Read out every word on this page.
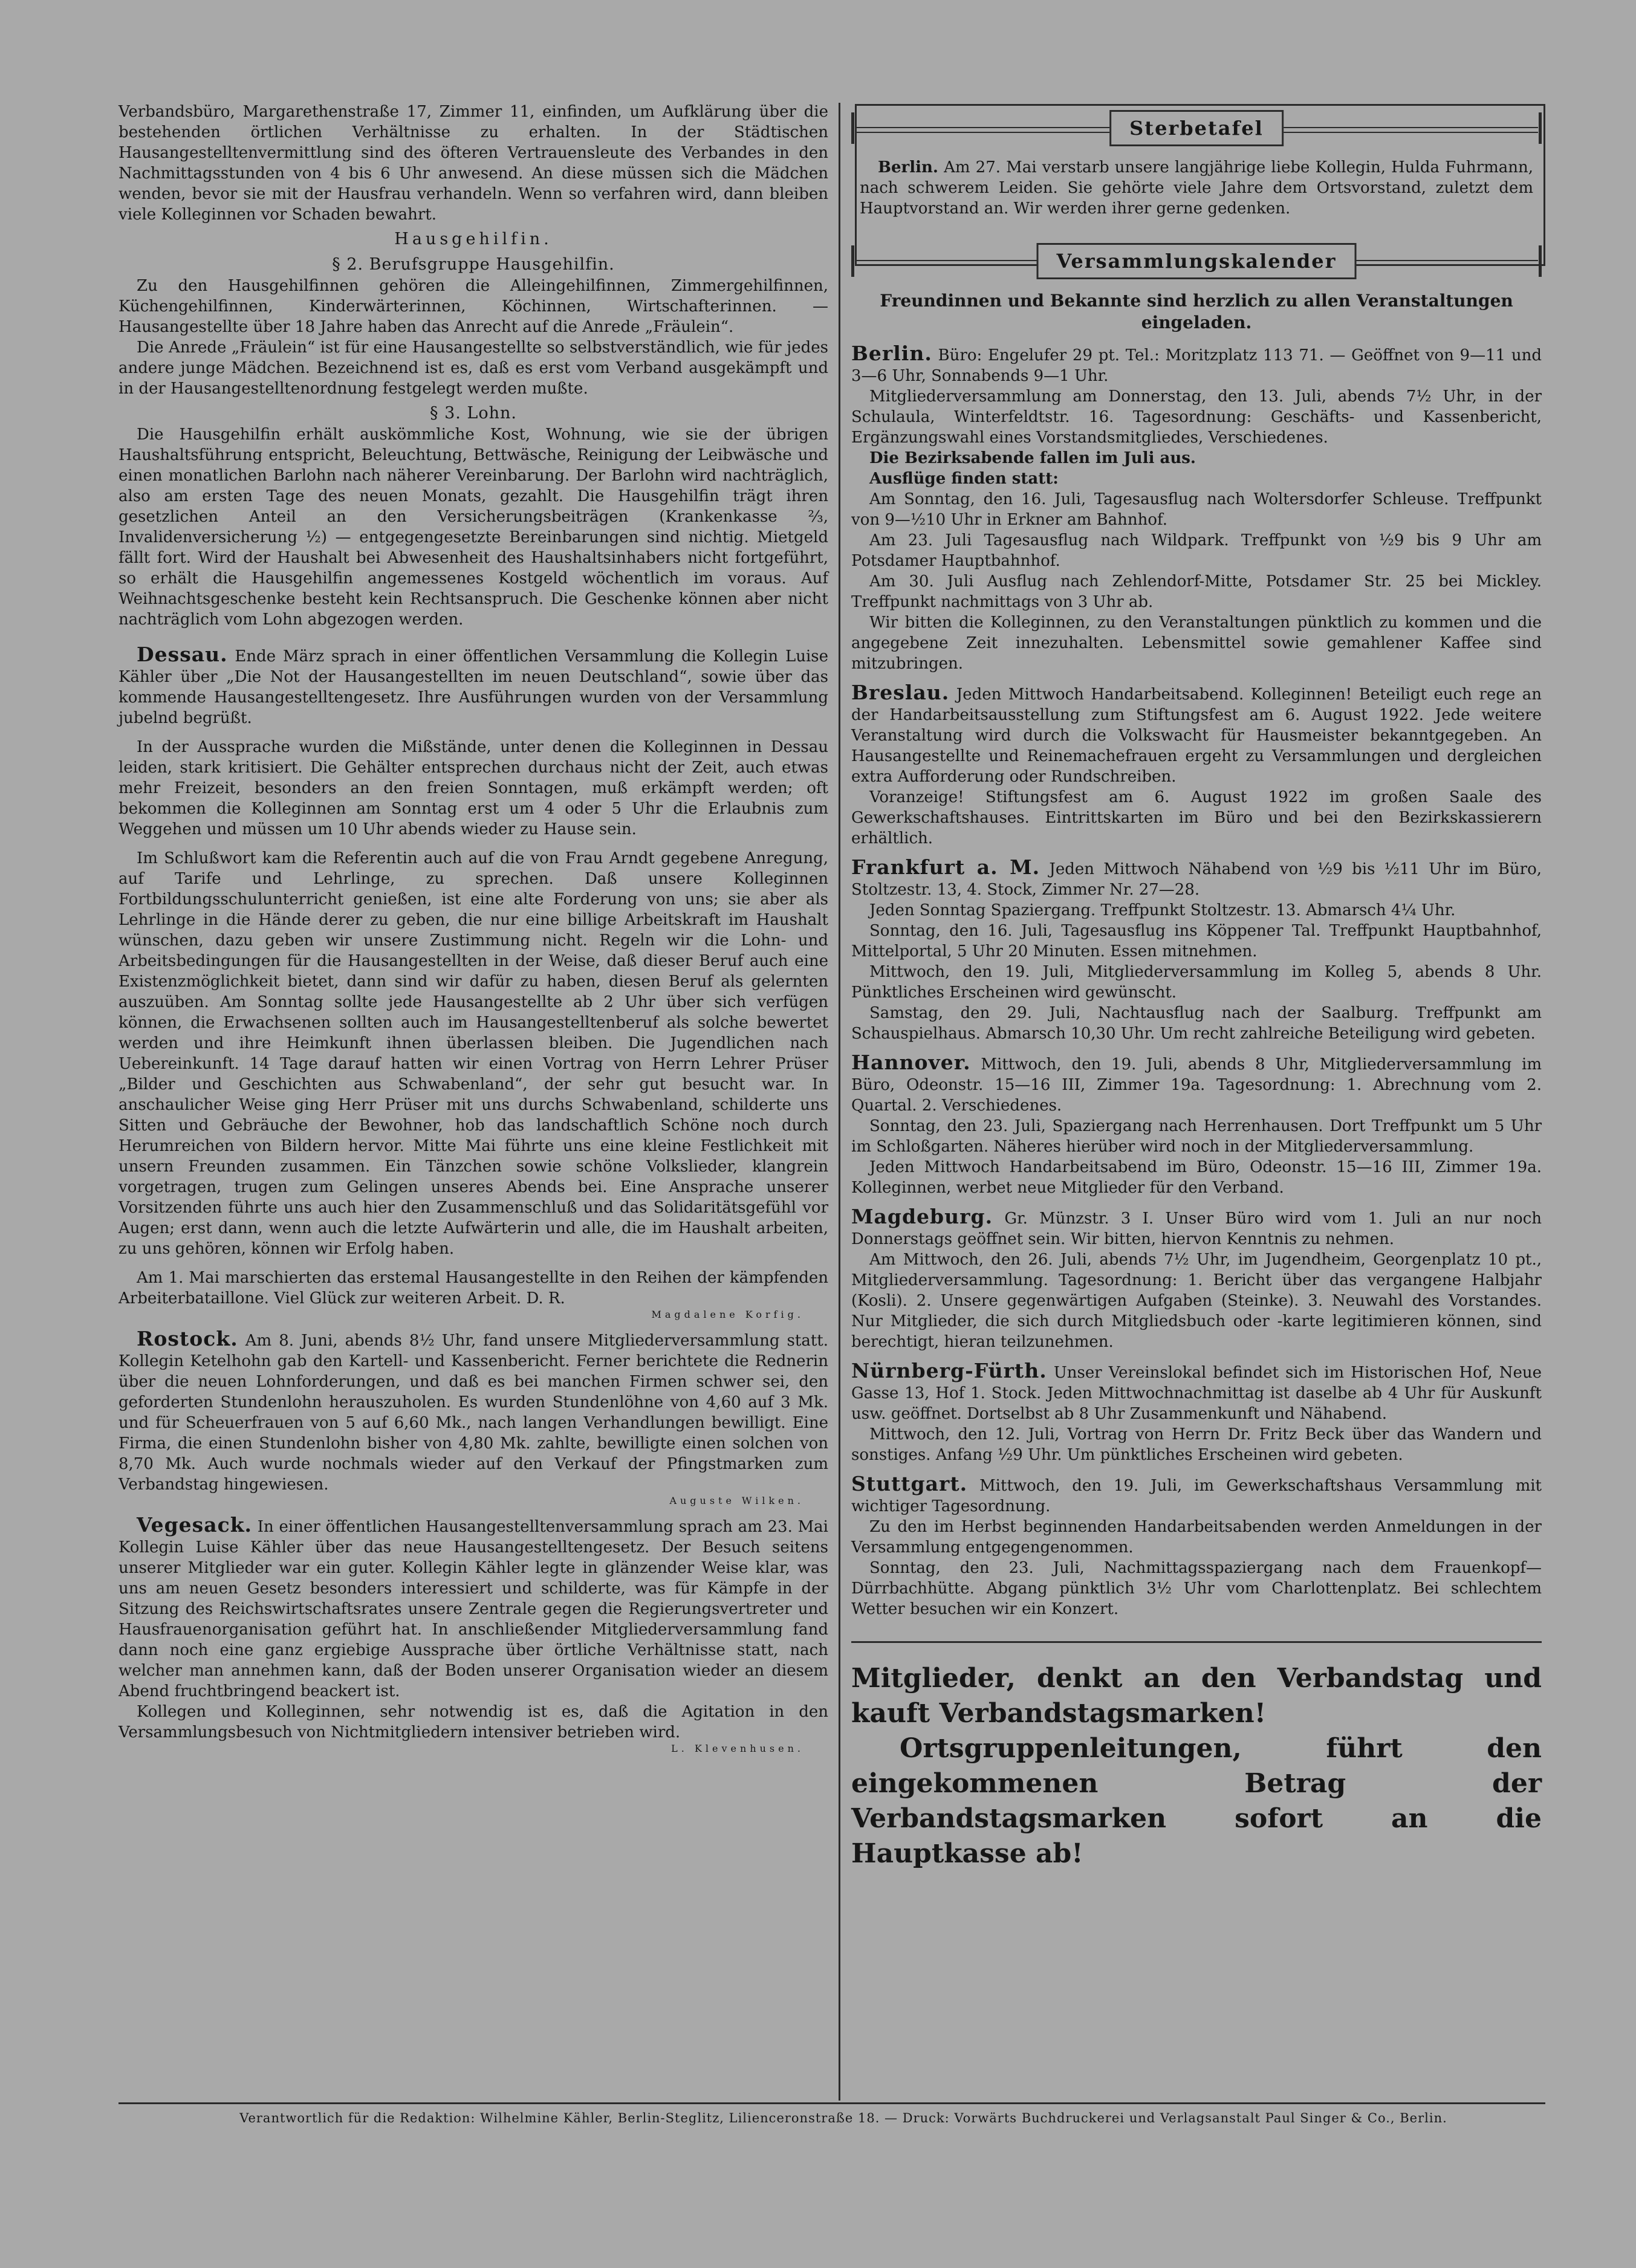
Verbandsbüro, Margarethenstraße 17, Zimmer 11, einfinden, um Aufklärung über die bestehenden örtlichen Verhältnisse zu erhalten. In der Städtischen Hausangestelltenvermittlung sind des öfteren Vertrauensleute des Verbandes in den Nachmittagsstunden von 4 bis 6 Uhr anwesend. An diese müssen sich die Mädchen wenden, bevor sie mit der Hausfrau verhandeln. Wenn so verfahren wird, dann bleiben viele Kolleginnen vor Schaden bewahrt.

Hausgehilfin.
§ 2. Berufsgruppe Hausgehilfin.

Zu den Hausgehilfinnen gehören die Alleingehilfinnen, Zimmergehilfinnen, Küchengehilfinnen, Kinderwärterinnen, Köchinnen, Wirtschafterinnen. — Hausangestellte über 18 Jahre haben das Anrecht auf die Anrede „Fräulein“.

Die Anrede „Fräulein“ ist für eine Hausangestellte so selbstverständlich, wie für jedes andere junge Mädchen. Bezeichnend ist es, daß es erst vom Verband ausgekämpft und in der Hausangestelltenordnung festgelegt werden mußte.

§ 3. Lohn.

Die Hausgehilfin erhält auskömmliche Kost, Wohnung, wie sie der übrigen Haushaltsführung entspricht, Beleuchtung, Bettwäsche, Reinigung der Leibwäsche und einen monatlichen Barlohn nach näherer Vereinbarung. Der Barlohn wird nachträglich, also am ersten Tage des neuen Monats, gezahlt. Die Hausgehilfin trägt ihren gesetzlichen Anteil an den Versicherungsbeiträgen (Krankenkasse ⅔, Invalidenversicherung ½) — entgegengesetzte Bereinbarungen sind nichtig. Mietgeld fällt fort. Wird der Haushalt bei Abwesenheit des Haushaltsinhabers nicht fortgeführt, so erhält die Hausgehilfin angemessenes Kostgeld wöchentlich im voraus. Auf Weihnachtsgeschenke besteht kein Rechtsanspruch. Die Geschenke können aber nicht nachträglich vom Lohn abgezogen werden.

Dessau. Ende März sprach in einer öffentlichen Versammlung die Kollegin Luise Kähler über „Die Not der Hausangestellten im neuen Deutschland“, sowie über das kommende Hausangestelltengesetz. Ihre Ausführungen wurden von der Versammlung jubelnd begrüßt.

In der Aussprache wurden die Mißstände, unter denen die Kolleginnen in Dessau leiden, stark kritisiert. Die Gehälter entsprechen durchaus nicht der Zeit, auch etwas mehr Freizeit, besonders an den freien Sonntagen, muß erkämpft werden; oft bekommen die Kolleginnen am Sonntag erst um 4 oder 5 Uhr die Erlaubnis zum Weggehen und müssen um 10 Uhr abends wieder zu Hause sein.

Im Schlußwort kam die Referentin auch auf die von Frau Arndt gegebene Anregung, auf Tarife und Lehrlinge, zu sprechen. Daß unsere Kolleginnen Fortbildungsschulunterricht genießen, ist eine alte Forderung von uns; sie aber als Lehrlinge in die Hände derer zu geben, die nur eine billige Arbeitskraft im Haushalt wünschen, dazu geben wir unsere Zustimmung nicht. Regeln wir die Lohn- und Arbeitsbedingungen für die Hausangestellten in der Weise, daß dieser Beruf auch eine Existenzmöglichkeit bietet, dann sind wir dafür zu haben, diesen Beruf als gelernten auszuüben. Am Sonntag sollte jede Hausangestellte ab 2 Uhr über sich verfügen können, die Erwachsenen sollten auch im Hausangestelltenberuf als solche bewertet werden und ihre Heimkunft ihnen überlassen bleiben. Die Jugendlichen nach Uebereinkunft. 14 Tage darauf hatten wir einen Vortrag von Herrn Lehrer Prüser „Bilder und Geschichten aus Schwabenland“, der sehr gut besucht war. In anschaulicher Weise ging Herr Prüser mit uns durchs Schwabenland, schilderte uns Sitten und Gebräuche der Bewohner, hob das landschaftlich Schöne noch durch Herumreichen von Bildern hervor. Mitte Mai führte uns eine kleine Festlichkeit mit unsern Freunden zusammen. Ein Tänzchen sowie schöne Volkslieder, klangrein vorgetragen, trugen zum Gelingen unseres Abends bei. Eine Ansprache unserer Vorsitzenden führte uns auch hier den Zusammenschluß und das Solidaritätsgefühl vor Augen; erst dann, wenn auch die letzte Aufwärterin und alle, die im Haushalt arbeiten, zu uns gehören, können wir Erfolg haben.

Am 1. Mai marschierten das erstemal Hausangestellte in den Reihen der kämpfenden Arbeiterbataillone. Viel Glück zur weiteren Arbeit. D. R.

Magdalene Korfig.

Rostock. Am 8. Juni, abends 8½ Uhr, fand unsere Mitgliederversammlung statt. Kollegin Ketelhohn gab den Kartell- und Kassenbericht. Ferner berichtete die Rednerin über die neuen Lohnforderungen, und daß es bei manchen Firmen schwer sei, den geforderten Stundenlohn herauszuholen. Es wurden Stundenlöhne von 4,60 auf 3 Mk. und für Scheuerfrauen von 5 auf 6,60 Mk., nach langen Verhandlungen bewilligt. Eine Firma, die einen Stundenlohn bisher von 4,80 Mk. zahlte, bewilligte einen solchen von 8,70 Mk. Auch wurde nochmals wieder auf den Verkauf der Pfingstmarken zum Verbandstag hingewiesen.

Auguste Wilken.

Vegesack. In einer öffentlichen Hausangestelltenversammlung sprach am 23. Mai Kollegin Luise Kähler über das neue Hausangestelltengesetz. Der Besuch seitens unserer Mitglieder war ein guter. Kollegin Kähler legte in glänzender Weise klar, was uns am neuen Gesetz besonders interessiert und schilderte, was für Kämpfe in der Sitzung des Reichswirtschaftsrates unsere Zentrale gegen die Regierungsvertreter und Hausfrauenorganisation geführt hat. In anschließender Mitgliederversammlung fand dann noch eine ganz ergiebige Aussprache über örtliche Verhältnisse statt, nach welcher man annehmen kann, daß der Boden unserer Organisation wieder an diesem Abend fruchtbringend beackert ist.

Kollegen und Kolleginnen, sehr notwendig ist es, daß die Agitation in den Versammlungsbesuch von Nichtmitgliedern intensiver betrieben wird.

L. Klevenhusen.
Sterbetafel

Berlin. Am 27. Mai verstarb unsere langjährige liebe Kollegin, Hulda Fuhrmann, nach schwerem Leiden. Sie gehörte viele Jahre dem Ortsvorstand, zuletzt dem Hauptvorstand an. Wir werden ihrer gerne gedenken.

Versammlungskalender

Freundinnen und Bekannte sind herzlich zu allen Veranstaltungen eingeladen.

Berlin. Büro: Engelufer 29 pt. Tel.: Moritzplatz 113 71. — Geöffnet von 9—11 und 3—6 Uhr, Sonnabends 9—1 Uhr.

Mitgliederversammlung am Donnerstag, den 13. Juli, abends 7½ Uhr, in der Schulaula, Winterfeldtstr. 16. Tagesordnung: Geschäfts- und Kassenbericht, Ergänzungswahl eines Vorstandsmitgliedes, Verschiedenes.

Die Bezirksabende fallen im Juli aus.

Ausflüge finden statt:

Am Sonntag, den 16. Juli, Tagesausflug nach Woltersdorfer Schleuse. Treffpunkt von 9—½10 Uhr in Erkner am Bahnhof.

Am 23. Juli Tagesausflug nach Wildpark. Treffpunkt von ½9 bis 9 Uhr am Potsdamer Hauptbahnhof.

Am 30. Juli Ausflug nach Zehlendorf-Mitte, Potsdamer Str. 25 bei Mickley. Treffpunkt nachmittags von 3 Uhr ab.

Wir bitten die Kolleginnen, zu den Veranstaltungen pünktlich zu kommen und die angegebene Zeit innezuhalten. Lebensmittel sowie gemahlener Kaffee sind mitzubringen.

Breslau. Jeden Mittwoch Handarbeitsabend. Kolleginnen! Beteiligt euch rege an der Handarbeitsausstellung zum Stiftungsfest am 6. August 1922. Jede weitere Veranstaltung wird durch die Volkswacht für Hausmeister bekanntgegeben. An Hausangestellte und Reinemachefrauen ergeht zu Versammlungen und dergleichen extra Aufforderung oder Rundschreiben.

Voranzeige! Stiftungsfest am 6. August 1922 im großen Saale des Gewerkschaftshauses. Eintrittskarten im Büro und bei den Bezirkskassierern erhältlich.

Frankfurt a. M. Jeden Mittwoch Nähabend von ½9 bis ½11 Uhr im Büro, Stoltzestr. 13, 4. Stock, Zimmer Nr. 27—28.

Jeden Sonntag Spaziergang. Treffpunkt Stoltzestr. 13. Abmarsch 4¼ Uhr.

Sonntag, den 16. Juli, Tagesausflug ins Köppener Tal. Treffpunkt Hauptbahnhof, Mittelportal, 5 Uhr 20 Minuten. Essen mitnehmen.

Mittwoch, den 19. Juli, Mitgliederversammlung im Kolleg 5, abends 8 Uhr. Pünktliches Erscheinen wird gewünscht.

Samstag, den 29. Juli, Nachtausflug nach der Saalburg. Treffpunkt am Schauspielhaus. Abmarsch 10,30 Uhr. Um recht zahlreiche Beteiligung wird gebeten.

Hannover. Mittwoch, den 19. Juli, abends 8 Uhr, Mitgliederversammlung im Büro, Odeonstr. 15—16 III, Zimmer 19a. Tagesordnung: 1. Abrechnung vom 2. Quartal. 2. Verschiedenes.

Sonntag, den 23. Juli, Spaziergang nach Herrenhausen. Dort Treffpunkt um 5 Uhr im Schloßgarten. Näheres hierüber wird noch in der Mitgliederversammlung.

Jeden Mittwoch Handarbeitsabend im Büro, Odeonstr. 15—16 III, Zimmer 19a. Kolleginnen, werbet neue Mitglieder für den Verband.

Magdeburg. Gr. Münzstr. 3 I. Unser Büro wird vom 1. Juli an nur noch Donnerstags geöffnet sein. Wir bitten, hiervon Kenntnis zu nehmen.

Am Mittwoch, den 26. Juli, abends 7½ Uhr, im Jugendheim, Georgenplatz 10 pt., Mitgliederversammlung. Tagesordnung: 1. Bericht über das vergangene Halbjahr (Kosli). 2. Unsere gegenwärtigen Aufgaben (Steinke). 3. Neuwahl des Vorstandes. Nur Mitglieder, die sich durch Mitgliedsbuch oder -karte legitimieren können, sind berechtigt, hieran teilzunehmen.

Nürnberg-Fürth. Unser Vereinslokal befindet sich im Historischen Hof, Neue Gasse 13, Hof 1. Stock. Jeden Mittwochnachmittag ist daselbe ab 4 Uhr für Auskunft usw. geöffnet. Dortselbst ab 8 Uhr Zusammenkunft und Nähabend.

Mittwoch, den 12. Juli, Vortrag von Herrn Dr. Fritz Beck über das Wandern und sonstiges. Anfang ½9 Uhr. Um pünktliches Erscheinen wird gebeten.

Stuttgart. Mittwoch, den 19. Juli, im Gewerkschaftshaus Versammlung mit wichtiger Tagesordnung.

Zu den im Herbst beginnenden Handarbeitsabenden werden Anmeldungen in der Versammlung entgegengenommen.

Sonntag, den 23. Juli, Nachmittagsspaziergang nach dem Frauenkopf—Dürrbachhütte. Abgang pünktlich 3½ Uhr vom Charlottenplatz. Bei schlechtem Wetter besuchen wir ein Konzert.

Mitglieder, denkt an den Verbandstag und kauft Verbandstagsmarken!

Ortsgruppenleitungen, führt den eingekommenen Betrag der Verbandstagsmarken sofort an die Hauptkasse ab!

Verantwortlich für die Redaktion: Wilhelmine Kähler, Berlin-Steglitz, Lilienceronstraße 18. — Druck: Vorwärts Buchdruckerei und Verlagsanstalt Paul Singer & Co., Berlin.
